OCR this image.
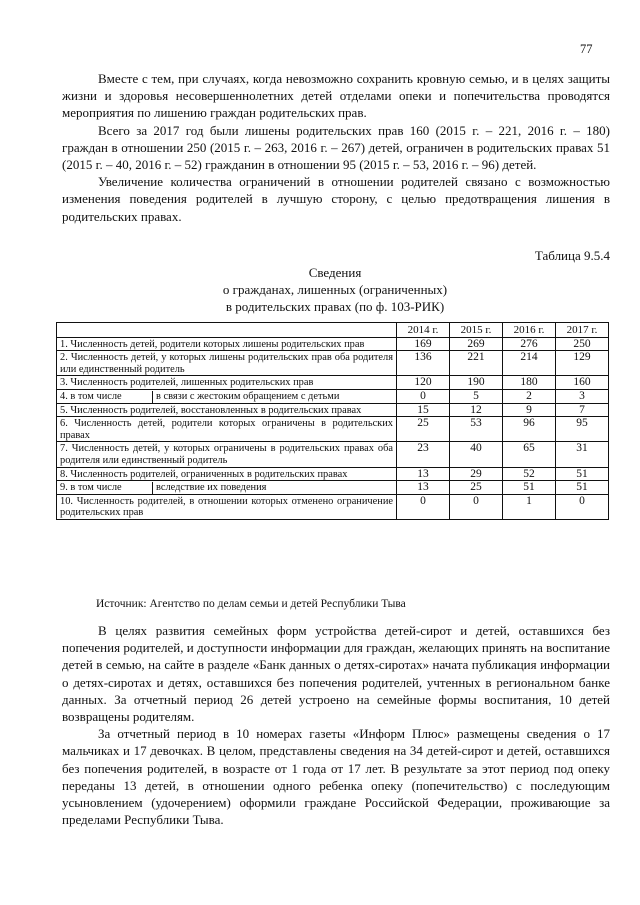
77

Вместе с тем, при случаях, когда невозможно сохранить кровную семью, и в целях защиты жизни и здоровья несовершеннолетних детей отделами опеки и попечительства проводятся мероприятия по лишению граждан родительских прав.

Всего за 2017 год были лишены родительских прав 160 (2015 г. – 221, 2016 г. – 180) граждан в отношении 250 (2015 г. – 263, 2016 г. – 267) детей, ограничен в родительских правах 51 (2015 г. – 40, 2016 г. – 52) гражданин в отношении 95 (2015 г. – 53, 2016 г. – 96) детей.

Увеличение количества ограничений в отношении родителей связано с возможностью изменения поведения родителей в лучшую сторону, с целью предотвращения лишения в родительских правах.

Таблица 9.5.4
Сведения
о гражданах, лишенных (ограниченных)
в родительских правах (по ф. 103-РИК)
	2014 г.	2015 г.	2016 г.	2017 г.
1. Численность детей, родители которых лишены родительских прав	169	269	276	250
2. Численность детей, у которых лишены родительских прав оба родителя или единственный родитель	136	221	214	129
3. Численность родителей, лишенных родительских прав	120	190	180	160

4. в том числе в связи с жестоким обращением с детьми	0	5	2	3
5. Численность родителей, восстановленных в родительских правах	15	12	9	7
6. Численность детей, родители которых ограничены в родительских правах	25	53	96	95
7. Численность детей, у которых ограничены в родительских правах оба родителя или единственный родитель	23	40	65	31
8. Численность родителей, ограниченных в родительских правах	13	29	52	51

9. в том числе вследствие их поведения	13	25	51	51
10. Численность родителей, в отношении которых отменено ограничение родительских прав	0	0	1	0
Источник: Агентство по делам семьи и детей Республики Тыва

В целях развития семейных форм устройства детей-сирот и детей, оставшихся без попечения родителей, и доступности информации для граждан, желающих принять на воспитание детей в семью, на сайте в разделе «Банк данных о детях-сиротах» начата публикация информации о детях-сиротах и детях, оставшихся без попечения родителей, учтенных в региональном банке данных. За отчетный период 26 детей устроено на семейные формы воспитания, 10 детей возвращены родителям.

За отчетный период в 10 номерах газеты «Информ Плюс» размещены сведения о 17 мальчиках и 17 девочках. В целом, представлены сведения на 34 детей-сирот и детей, оставшихся без попечения родителей, в возрасте от 1 года от 17 лет. В результате за этот период под опеку переданы 13 детей, в отношении одного ребенка опеку (попечительство) с последующим усыновлением (удочерением) оформили граждане Российской Федерации, проживающие за пределами Республики Тыва.
